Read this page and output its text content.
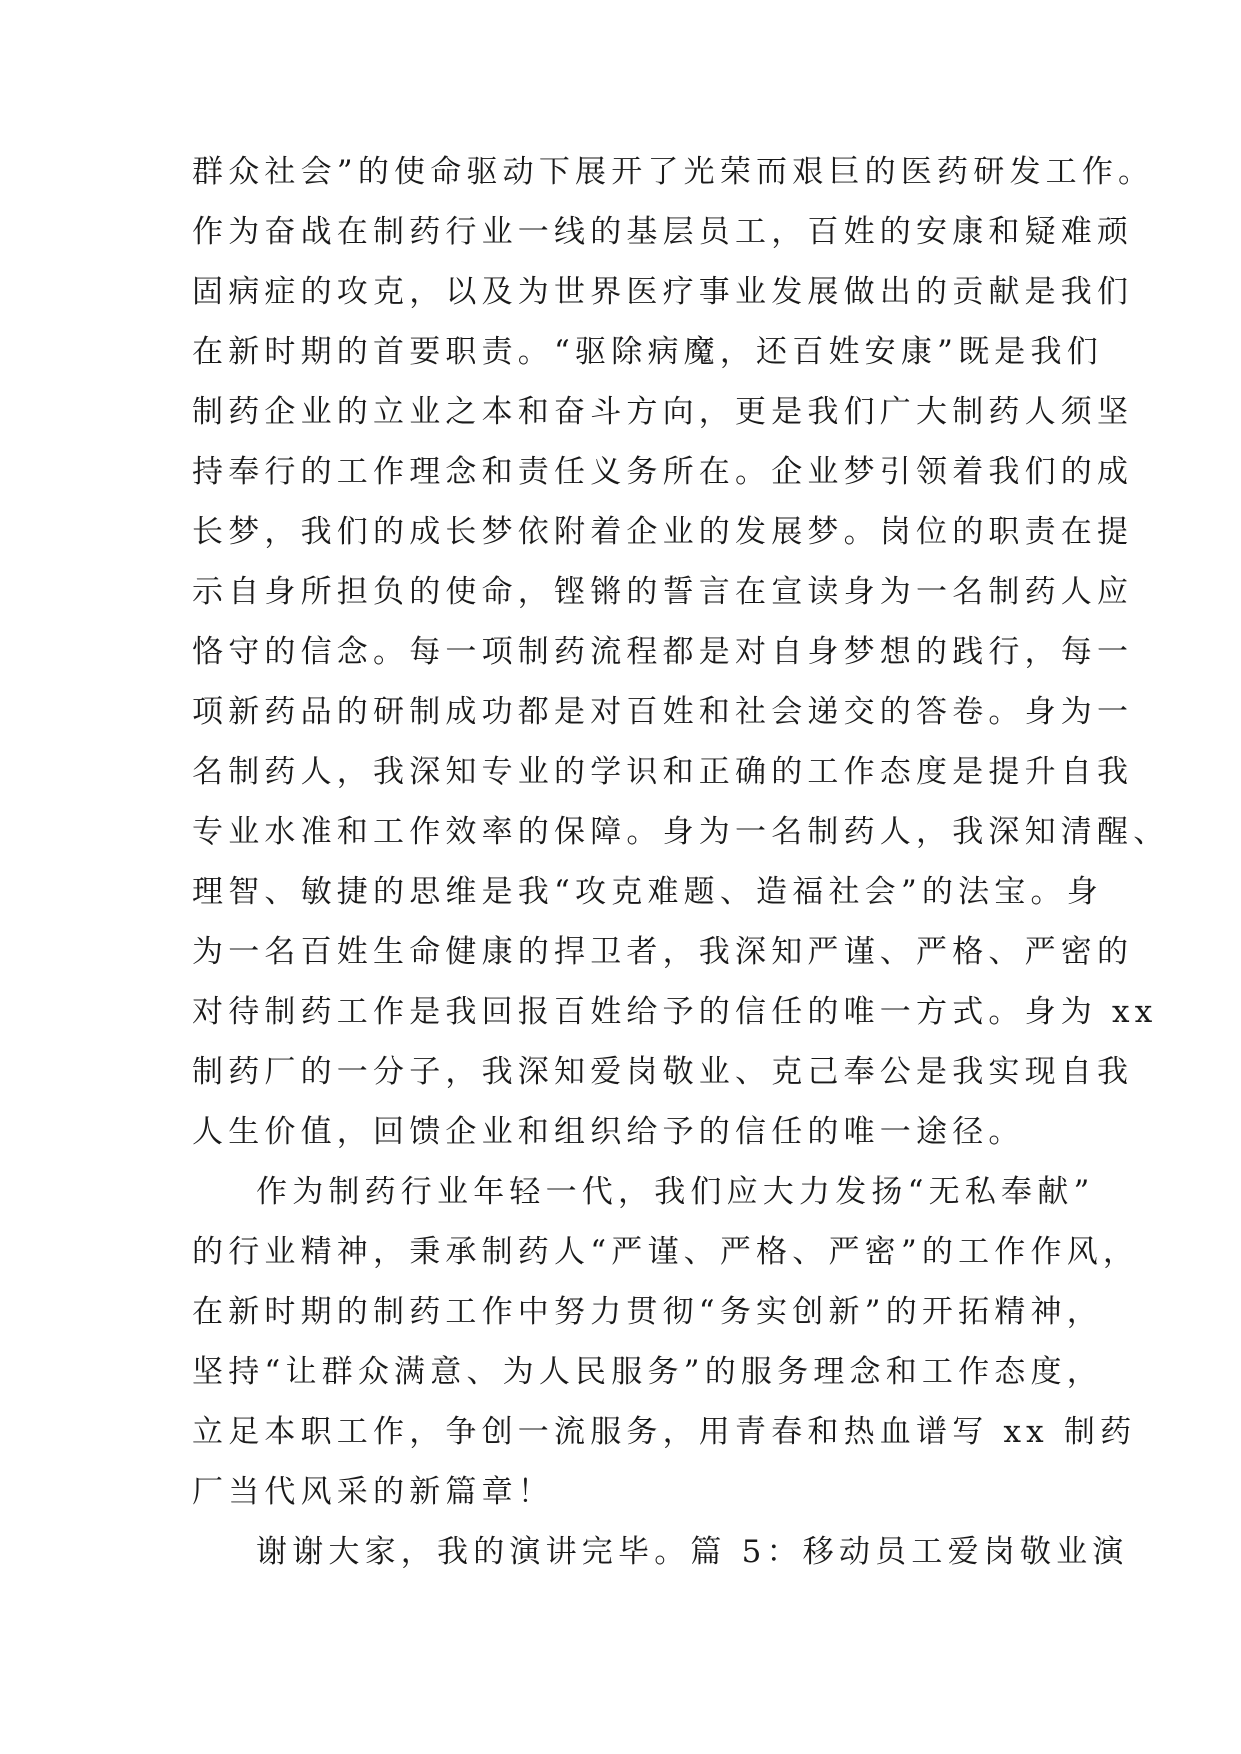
群众社会”的使命驱动下展开了光荣而艰巨的医药研发工作。
作为奋战在制药行业一线的基层员工，百姓的安康和疑难顽
固病症的攻克，以及为世界医疗事业发展做出的贡献是我们
在新时期的首要职责。“驱除病魔，还百姓安康”既是我们
制药企业的立业之本和奋斗方向，更是我们广大制药人须坚
持奉行的工作理念和责任义务所在。企业梦引领着我们的成
长梦，我们的成长梦依附着企业的发展梦。岗位的职责在提
示自身所担负的使命，铿锵的誓言在宣读身为一名制药人应
恪守的信念。每一项制药流程都是对自身梦想的践行，每一
项新药品的研制成功都是对百姓和社会递交的答卷。身为一
名制药人，我深知专业的学识和正确的工作态度是提升自我
专业水准和工作效率的保障。身为一名制药人，我深知清醒、
理智、敏捷的思维是我“攻克难题、造福社会”的法宝。身
为一名百姓生命健康的捍卫者，我深知严谨、严格、严密的
对待制药工作是我回报百姓给予的信任的唯一方式。身为 xx
制药厂的一分子，我深知爱岗敬业、克己奉公是我实现自我
人生价值，回馈企业和组织给予的信任的唯一途径。
作为制药行业年轻一代，我们应大力发扬“无私奉献”
的行业精神，秉承制药人“严谨、严格、严密”的工作作风，
在新时期的制药工作中努力贯彻“务实创新”的开拓精神，
坚持“让群众满意、为人民服务”的服务理念和工作态度，
立足本职工作，争创一流服务，用青春和热血谱写 xx 制药
厂当代风采的新篇章！
谢谢大家，我的演讲完毕。篇 5：移动员工爱岗敬业演
